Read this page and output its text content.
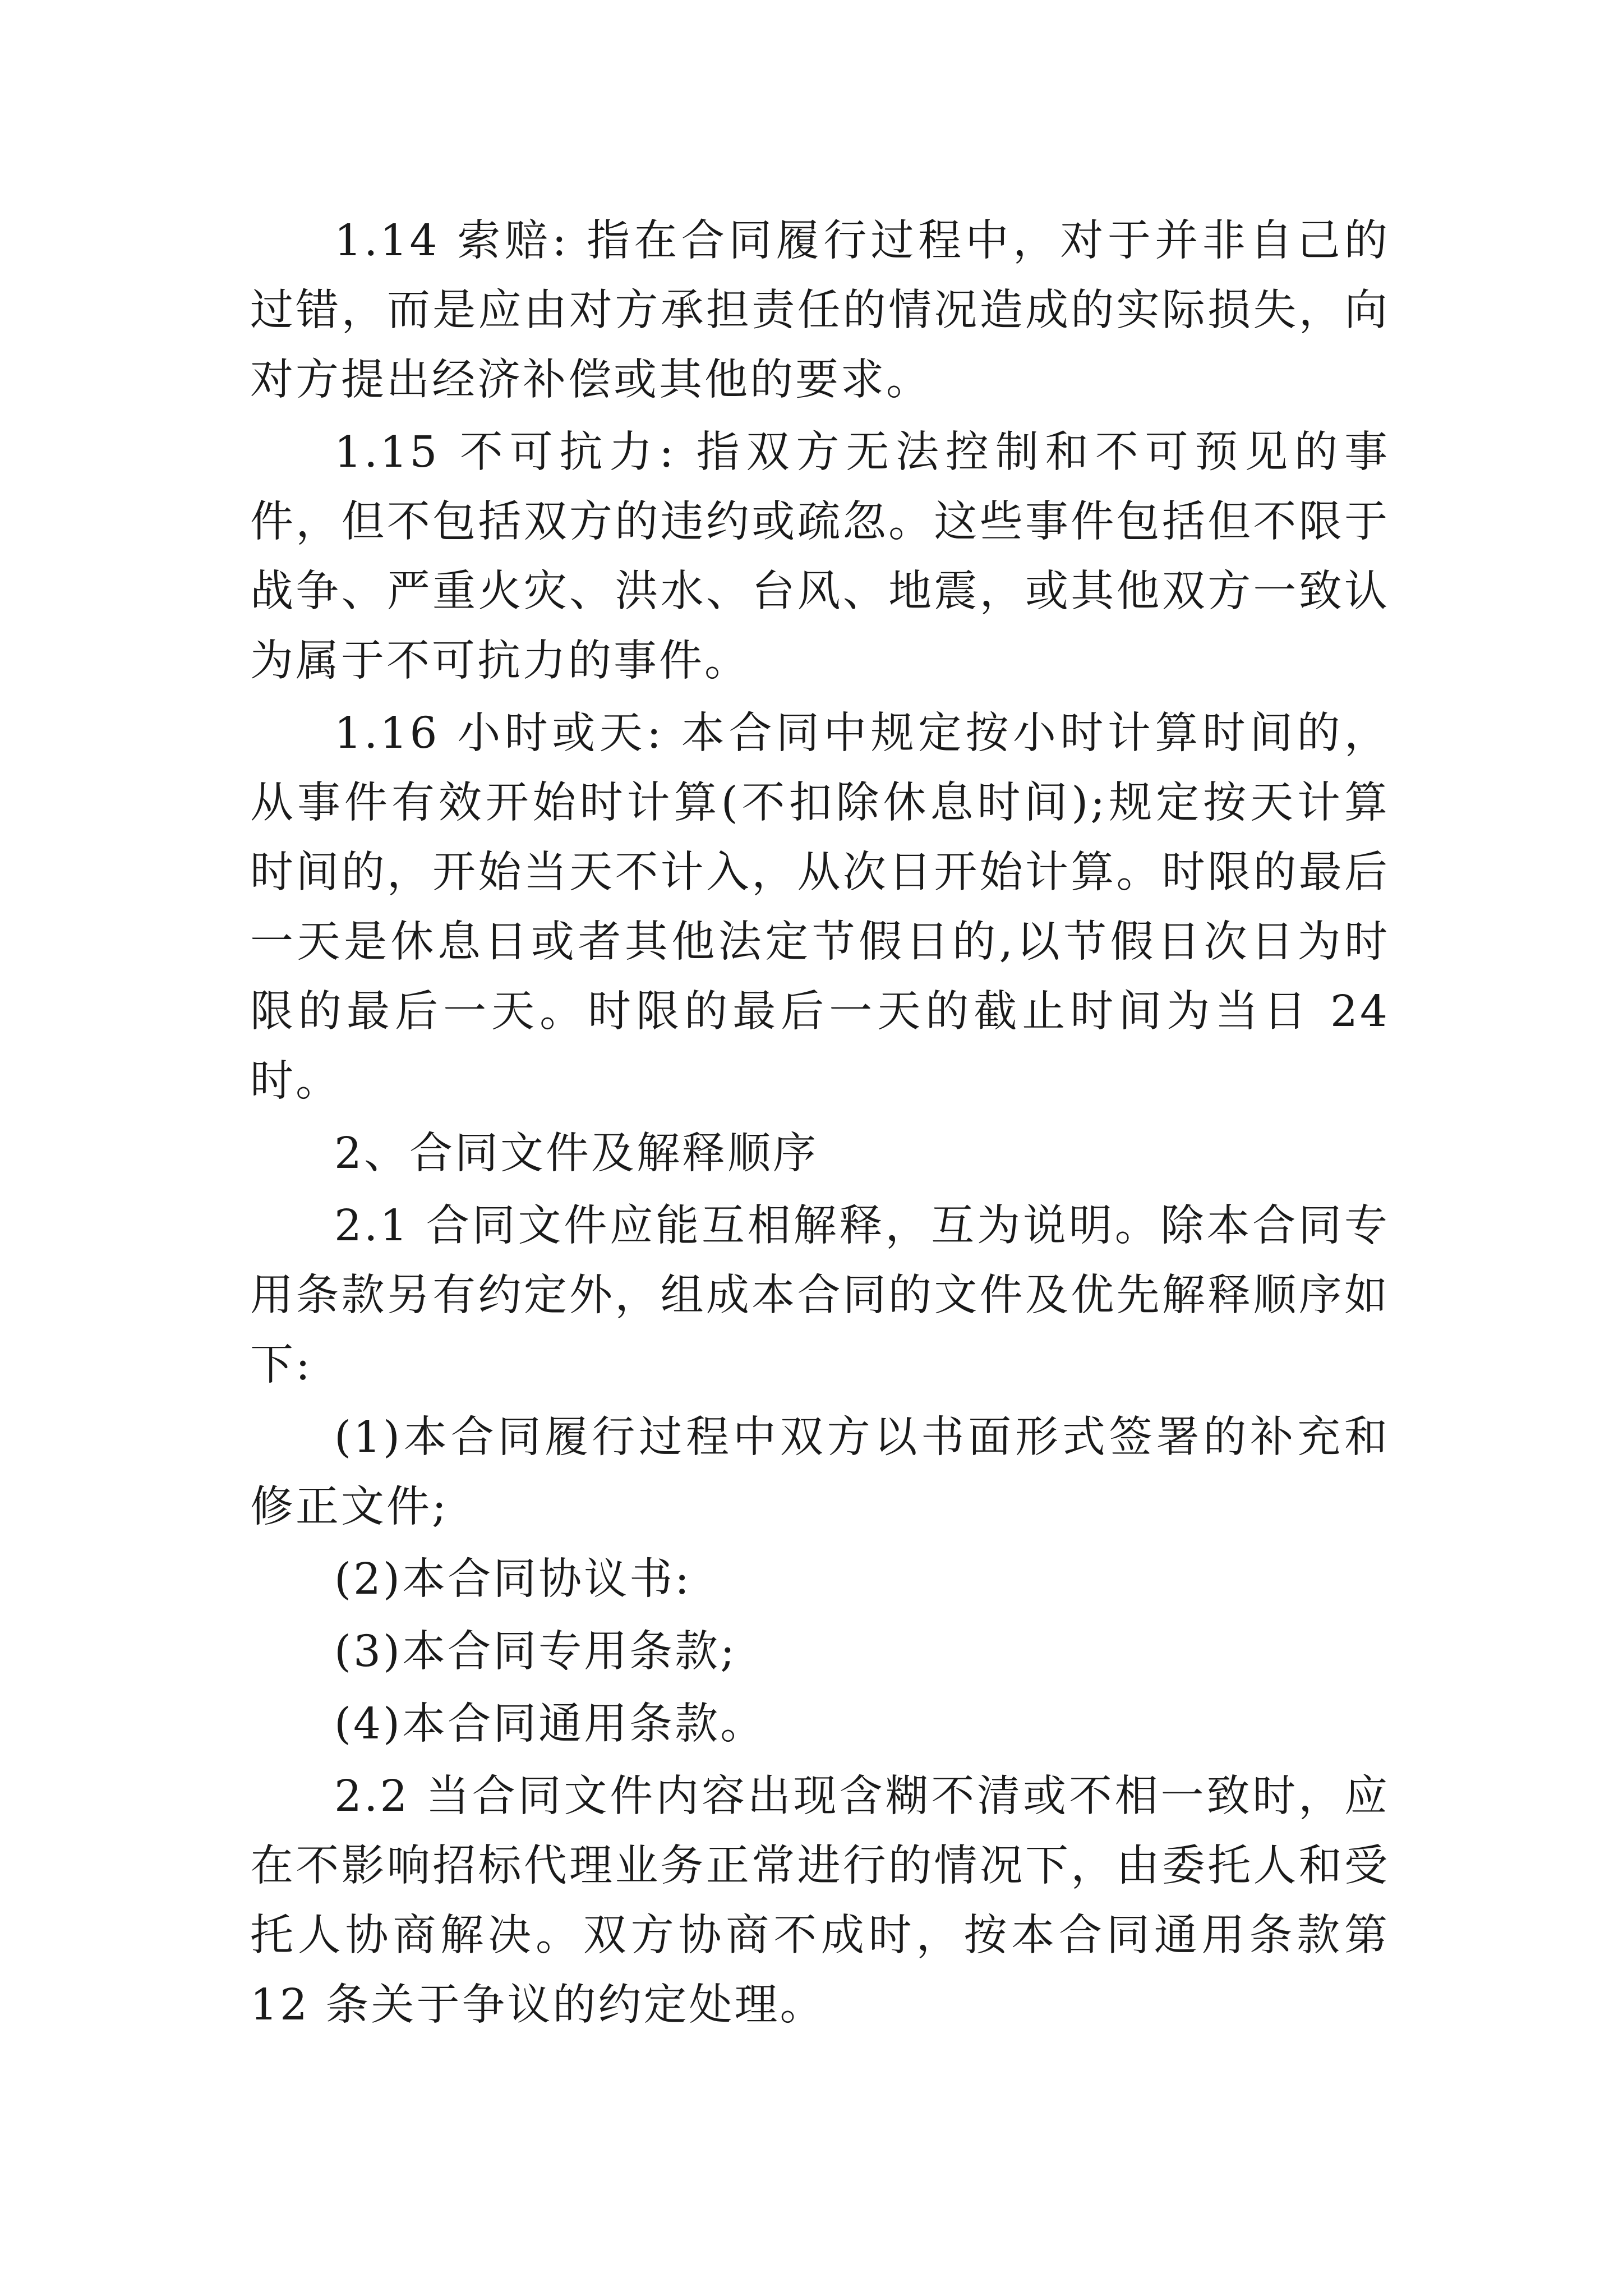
1.14 索赔: 指在合同履行过程中，对于并非自己的过错，而是应由对方承担责任的情况造成的实际损失，向对方提出经济补偿或其他的要求。

1.15 不可抗力: 指双方无法控制和不可预见的事件，但不包括双方的违约或疏忽。这些事件包括但不限于战争、严重火灾、洪水、台风、地震，或其他双方一致认为属于不可抗力的事件。

1.16 小时或天: 本合同中规定按小时计算时间的，从事件有效开始时计算(不扣除休息时间);规定按天计算时间的，开始当天不计入，从次日开始计算。时限的最后一天是休息日或者其他法定节假日的,以节假日次日为时限的最后一天。时限的最后一天的截止时间为当日 24 时。

2、合同文件及解释顺序

2.1 合同文件应能互相解释，互为说明。除本合同专用条款另有约定外，组成本合同的文件及优先解释顺序如下:

(1)本合同履行过程中双方以书面形式签署的补充和修正文件;

(2)本合同协议书:

(3)本合同专用条款;

(4)本合同通用条款。

2.2 当合同文件内容出现含糊不清或不相一致时，应在不影响招标代理业务正常进行的情况下，由委托人和受托人协商解决。双方协商不成时，按本合同通用条款第 12 条关于争议的约定处理。
